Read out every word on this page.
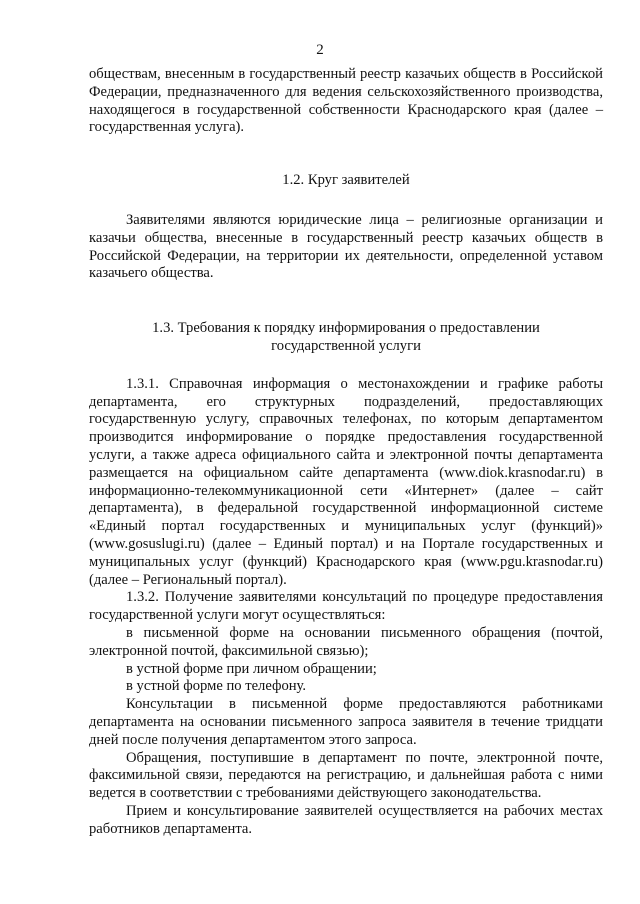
2

обществам, внесенным в государственный реестр казачьих обществ в Российской Федерации, предназначенного для ведения сельскохозяйственного производства, находящегося в государственной собственности Краснодарского края (далее – государственная услуга).

1.2. Круг заявителей

Заявителями являются юридические лица – религиозные организации и казачьи общества, внесенные в государственный реестр казачьих обществ в Российской Федерации, на территории их деятельности, определенной уставом казачьего общества.

1.3. Требования к порядку информирования о предоставлении

государственной услуги

1.3.1. Справочная информация о местонахождении и графике работы департамента, его структурных подразделений, предоставляющих государственную услугу, справочных телефонах, по которым департаментом производится информирование о порядке предоставления государственной услуги, а также адреса официального сайта и электронной почты департамента размещается на официальном сайте департамента (www.diok.krasnodar.ru) в информационно-телекоммуникационной сети «Интернет» (далее – сайт департамента), в федеральной государственной информационной системе «Единый портал государственных и муниципальных услуг (функций)» (www.gosuslugi.ru) (далее – Единый портал) и на Портале государственных и муниципальных услуг (функций) Краснодарского края (www.pgu.krasnodar.ru) (далее – Региональный портал).

1.3.2. Получение заявителями консультаций по процедуре предоставления государственной услуги могут осуществляться:

в письменной форме на основании письменного обращения (почтой, электронной почтой, факсимильной связью);

в устной форме при личном обращении;

в устной форме по телефону.

Консультации в письменной форме предоставляются работниками департамента на основании письменного запроса заявителя в течение тридцати дней после получения департаментом этого запроса.

Обращения, поступившие в департамент по почте, электронной почте, факсимильной связи, передаются на регистрацию, и дальнейшая работа с ними ведется в соответствии с требованиями действующего законодательства.

Прием и консультирование заявителей осуществляется на рабочих местах работников департамента.
